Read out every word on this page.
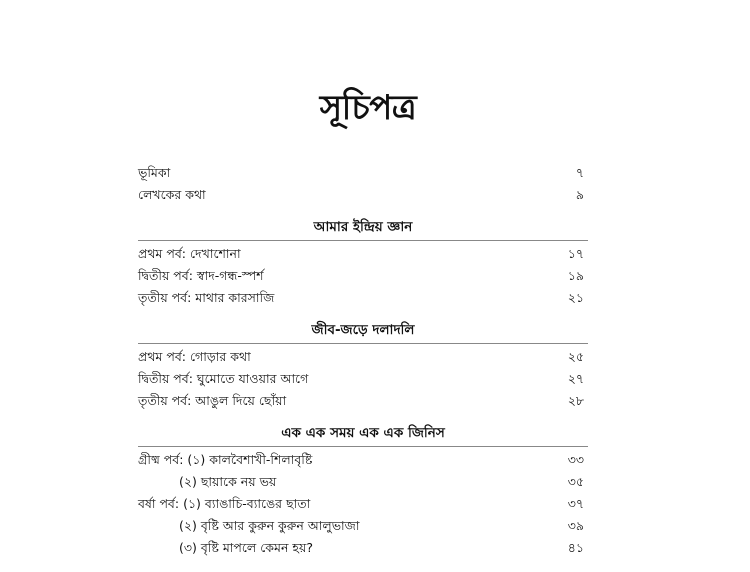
সূচিপত্র
ভূমিকা	৭
লেখকের কথা	৯
আমার ইন্দ্রিয় জ্ঞান
প্রথম পর্ব: দেখাশোনা	১৭
দ্বিতীয় পর্ব: স্বাদ-গন্ধ-স্পর্শ	১৯
তৃতীয় পর্ব: মাথার কারসাজি	২১
জীব-জড়ে দলাদলি
প্রথম পর্ব: গোড়ার কথা	২৫
দ্বিতীয় পর্ব: ঘুমোতে যাওয়ার আগে	২৭
তৃতীয় পর্ব: আঙুল দিয়ে ছোঁয়া	২৮
এক এক সময় এক এক জিনিস
গ্রীষ্ম পর্ব: (১) কালবৈশাখী-শিলাবৃষ্টি	৩৩
(২) ছায়াকে নয় ভয়	৩৫
বর্ষা পর্ব: (১) ব্যাঙাচি-ব্যাঙের ছাতা	৩৭
(২) বৃষ্টি আর কুরুন কুরুন আলুভাজা	৩৯
(৩) বৃষ্টি মাপলে কেমন হয়?	৪১
